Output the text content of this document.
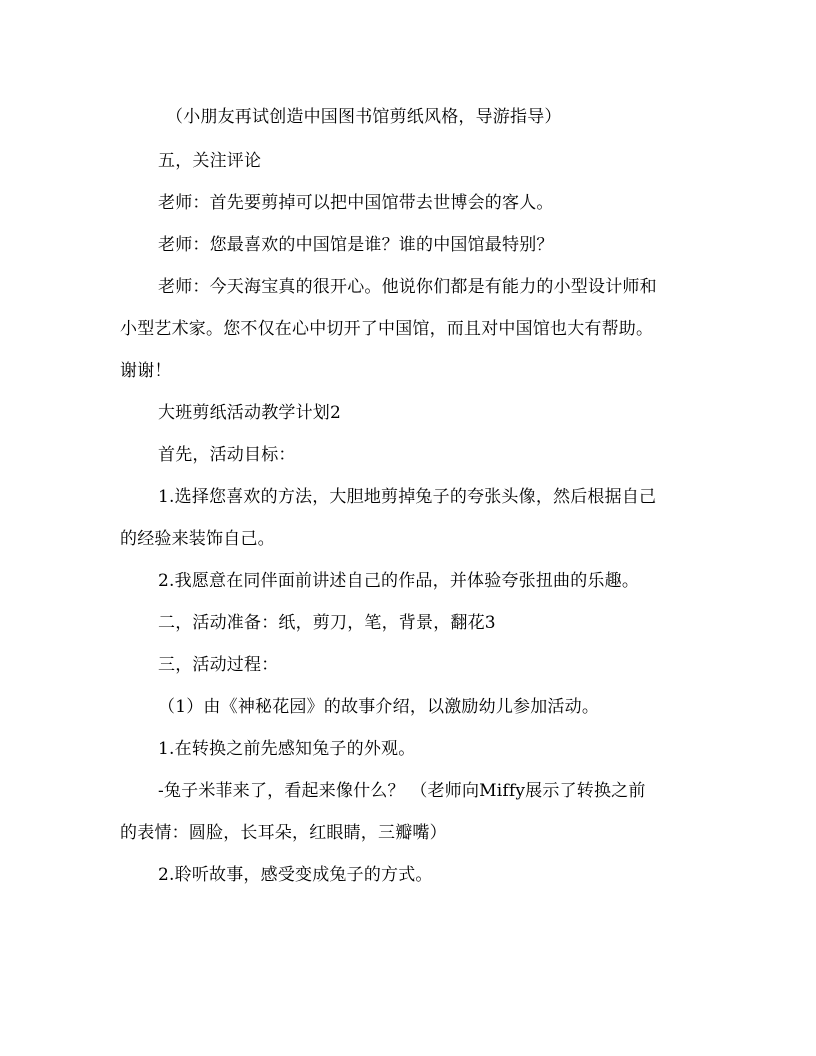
（小朋友再试创造中国图书馆剪纸风格，导游指导）
五，关注评论
老师：首先要剪掉可以把中国馆带去世博会的客人。
老师：您最喜欢的中国馆是谁？谁的中国馆最特别？
老师：今天海宝真的很开心。他说你们都是有能力的小型设计师和
小型艺术家。您不仅在心中切开了中国馆，而且对中国馆也大有帮助。
谢谢！
大班剪纸活动教学计划2
首先，活动目标：
1.选择您喜欢的方法，大胆地剪掉兔子的夸张头像，然后根据自己
的经验来装饰自己。
2.我愿意在同伴面前讲述自己的作品，并体验夸张扭曲的乐趣。
二，活动准备：纸，剪刀，笔，背景，翻花3
三，活动过程：
（1）由《神秘花园》的故事介绍，以激励幼儿参加活动。
1.在转换之前先感知兔子的外观。
-兔子米菲来了，看起来像什么？ （老师向Miffy展示了转换之前
的表情：圆脸，长耳朵，红眼睛，三瓣嘴）
2.聆听故事，感受变成兔子的方式。
